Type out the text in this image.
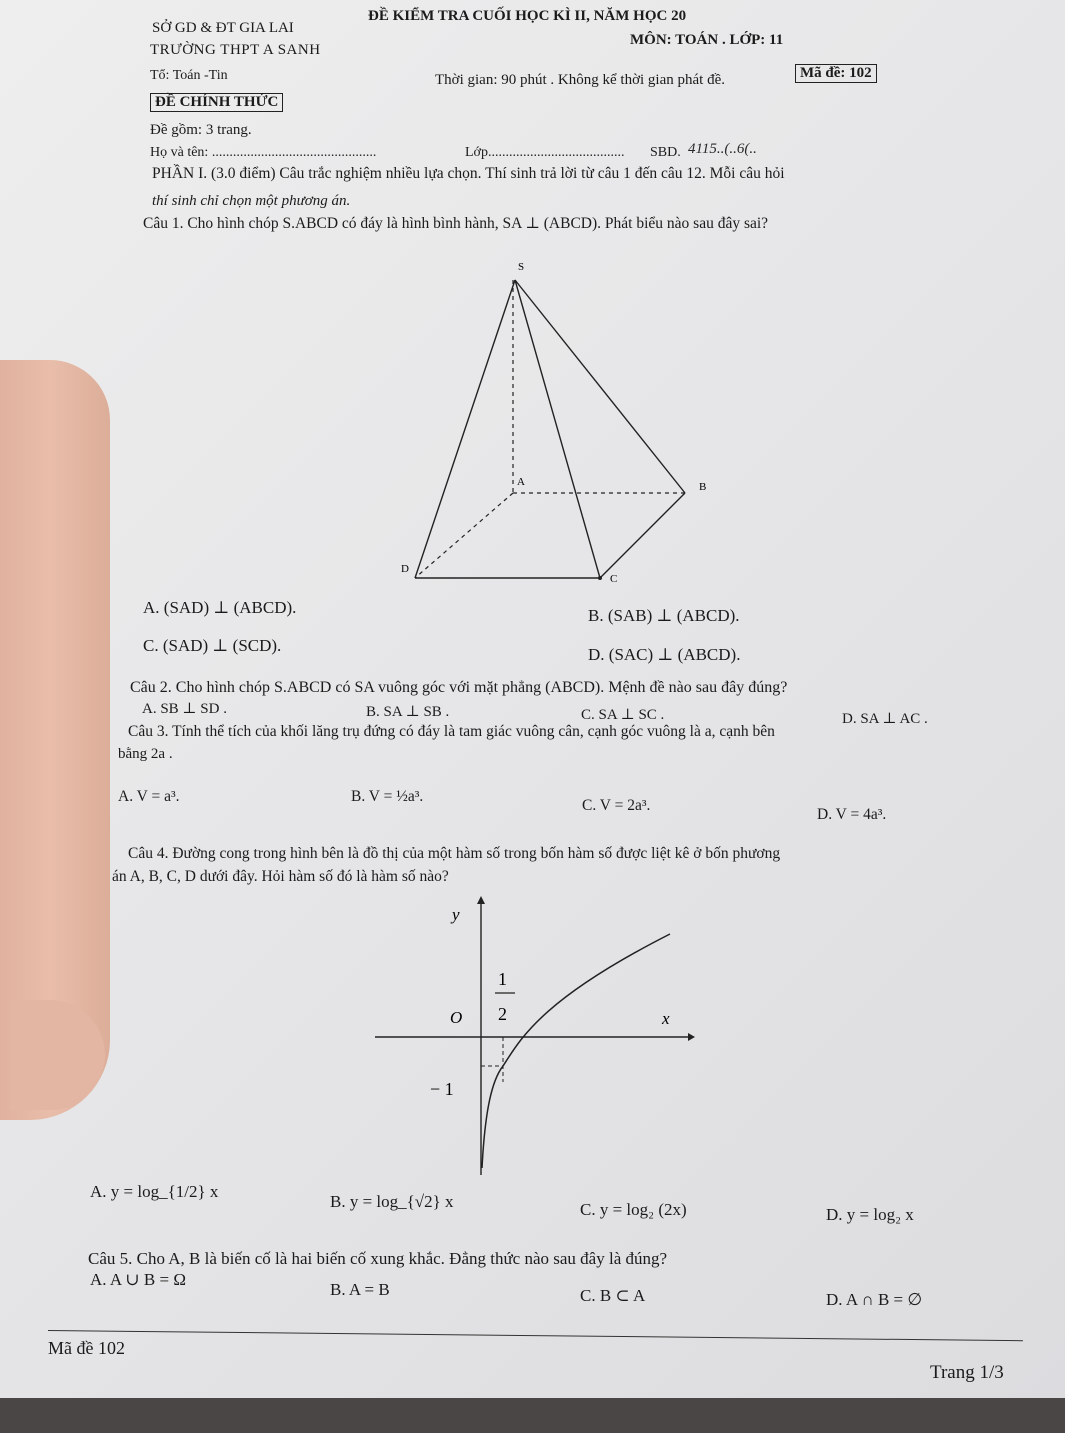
SỞ GD & ĐT GIA LAI
ĐỀ KIỂM TRA CUỐI HỌC KÌ II, NĂM HỌC 20
TRƯỜNG THPT A SANH
MÔN: TOÁN . LỚP: 11
Tổ: Toán -Tin	Thời gian: 90 phút . Không kể thời gian phát đề.	Mã đề: 102
ĐỀ CHÍNH THỨC
Đề gồm: 3 trang.
Họ và tên: ...............................................	Lớp....................................... SBD. 4115..(..6(..
PHẦN I. (3.0 điểm) Câu trắc nghiệm nhiều lựa chọn. Thí sinh trả lời từ câu 1 đến câu 12. Mỗi câu hỏi
thí sinh chỉ chọn một phương án.
Câu 1. Cho hình chóp S.ABCD có đáy là hình bình hành, SA ⊥ (ABCD). Phát biểu nào sau đây sai?
S
A	B
C
D
A. (SAD) ⊥ (ABCD).	B. (SAB) ⊥ (ABCD).
C. (SAD) ⊥ (SCD).	D. (SAC) ⊥ (ABCD).
Câu 2. Cho hình chóp S.ABCD có SA vuông góc với mặt phẳng (ABCD). Mệnh đề nào sau đây đúng?
A. SB ⊥ SD .	B. SA ⊥ SB .	C. SA ⊥ SC .	D. SA ⊥ AC .
Câu 3. Tính thể tích của khối lăng trụ đứng có đáy là tam giác vuông cân, cạnh góc vuông là a, cạnh bên
bằng 2a .
A. V = a³.	B. V = ½a³.
C. V = 2a³.
D. V = 4a³.
Câu 4. Đường cong trong hình bên là đồ thị của một hàm số trong bốn hàm số được liệt kê ở bốn phương
án A, B, C, D dưới đây. Hỏi hàm số đó là hàm số nào?
y
x
O
1
2
− 1
A. y = log_{1/2} x
B. y = log_{√2} x	C. y = log₂ (2x)	D. y = log₂ x
Câu 5. Cho A, B là biến cố là hai biến cố xung khắc. Đẳng thức nào sau đây là đúng?
A. A ∪ B = Ω
B. A = B	C. B ⊂ A	D. A ∩ B = ∅
Mã đề 102
Trang 1/3
